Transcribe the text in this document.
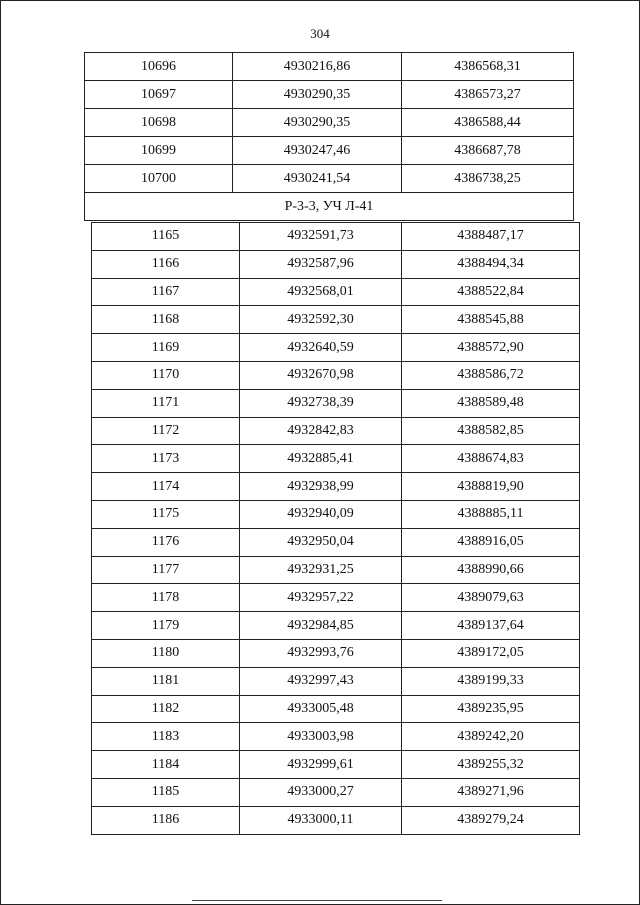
304
10696	4930216,86	4386568,31
10697	4930290,35	4386573,27
10698	4930290,35	4386588,44
10699	4930247,46	4386687,78
10700	4930241,54	4386738,25
Р-3-3, УЧ Л-41		
1165	4932591,73	4388487,17
1166	4932587,96	4388494,34
1167	4932568,01	4388522,84
1168	4932592,30	4388545,88
1169	4932640,59	4388572,90
1170	4932670,98	4388586,72
1171	4932738,39	4388589,48
1172	4932842,83	4388582,85
1173	4932885,41	4388674,83
1174	4932938,99	4388819,90
1175	4932940,09	4388885,11
1176	4932950,04	4388916,05
1177	4932931,25	4388990,66
1178	4932957,22	4389079,63
1179	4932984,85	4389137,64
1180	4932993,76	4389172,05
1181	4932997,43	4389199,33
1182	4933005,48	4389235,95
1183	4933003,98	4389242,20
1184	4932999,61	4389255,32
1185	4933000,27	4389271,96
1186	4933000,11	4389279,24
